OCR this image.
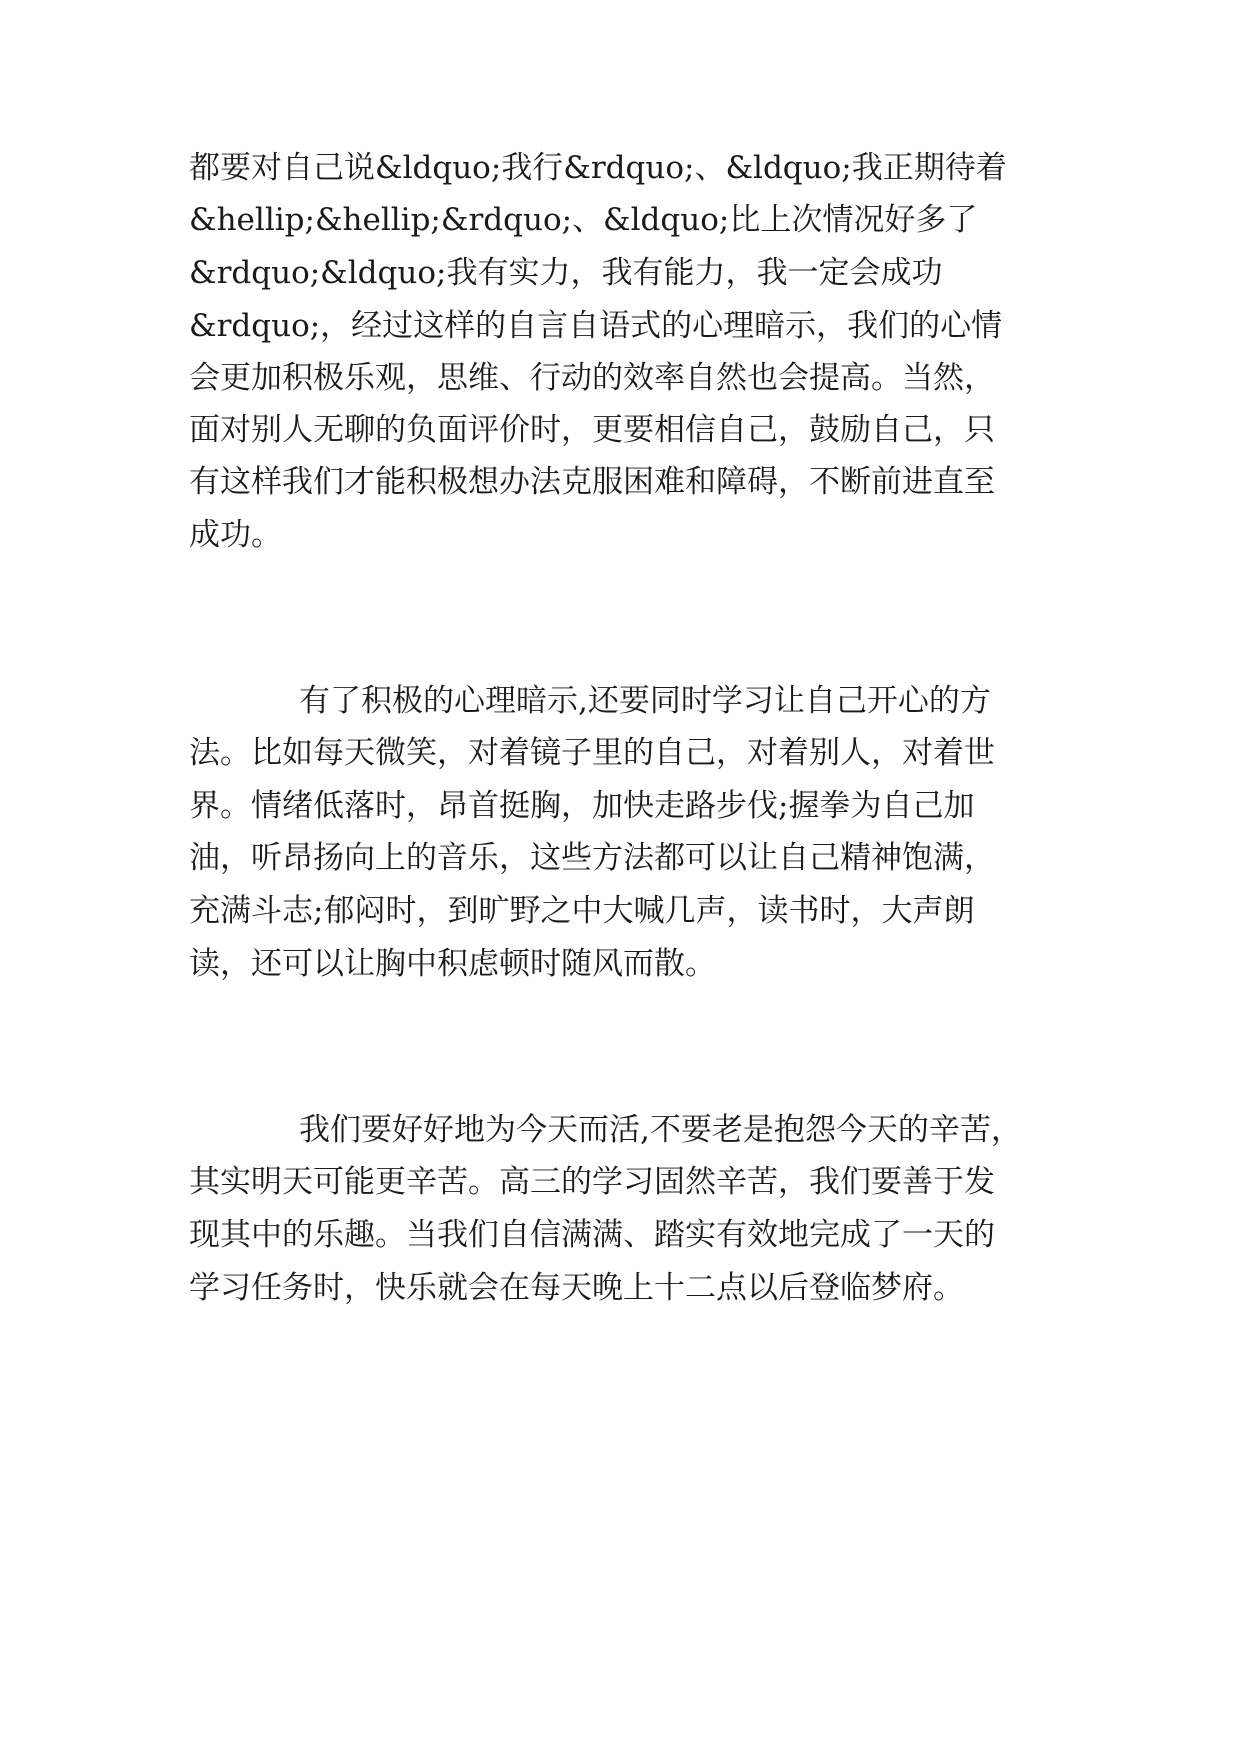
都要对自己说&ldquo;我行&rdquo;、&ldquo;我正期待着
&hellip;&hellip;&rdquo;、&ldquo;比上次情况好多了
&rdquo;&ldquo;我有实力，我有能力，我一定会成功
&rdquo;，经过这样的自言自语式的心理暗示，我们的心情
会更加积极乐观，思维、行动的效率自然也会提高。当然，
面对别人无聊的负面评价时，更要相信自己，鼓励自己，只
有这样我们才能积极想办法克服困难和障碍，不断前进直至
成功。
有了积极的心理暗示,还要同时学习让自己开心的方
法。比如每天微笑，对着镜子里的自己，对着别人，对着世
界。情绪低落时，昂首挺胸，加快走路步伐;握拳为自己加
油，听昂扬向上的音乐，这些方法都可以让自己精神饱满，
充满斗志;郁闷时，到旷野之中大喊几声，读书时，大声朗
读，还可以让胸中积虑顿时随风而散。
我们要好好地为今天而活,不要老是抱怨今天的辛苦，
其实明天可能更辛苦。高三的学习固然辛苦，我们要善于发
现其中的乐趣。当我们自信满满、踏实有效地完成了一天的
学习任务时，快乐就会在每天晚上十二点以后登临梦府。
